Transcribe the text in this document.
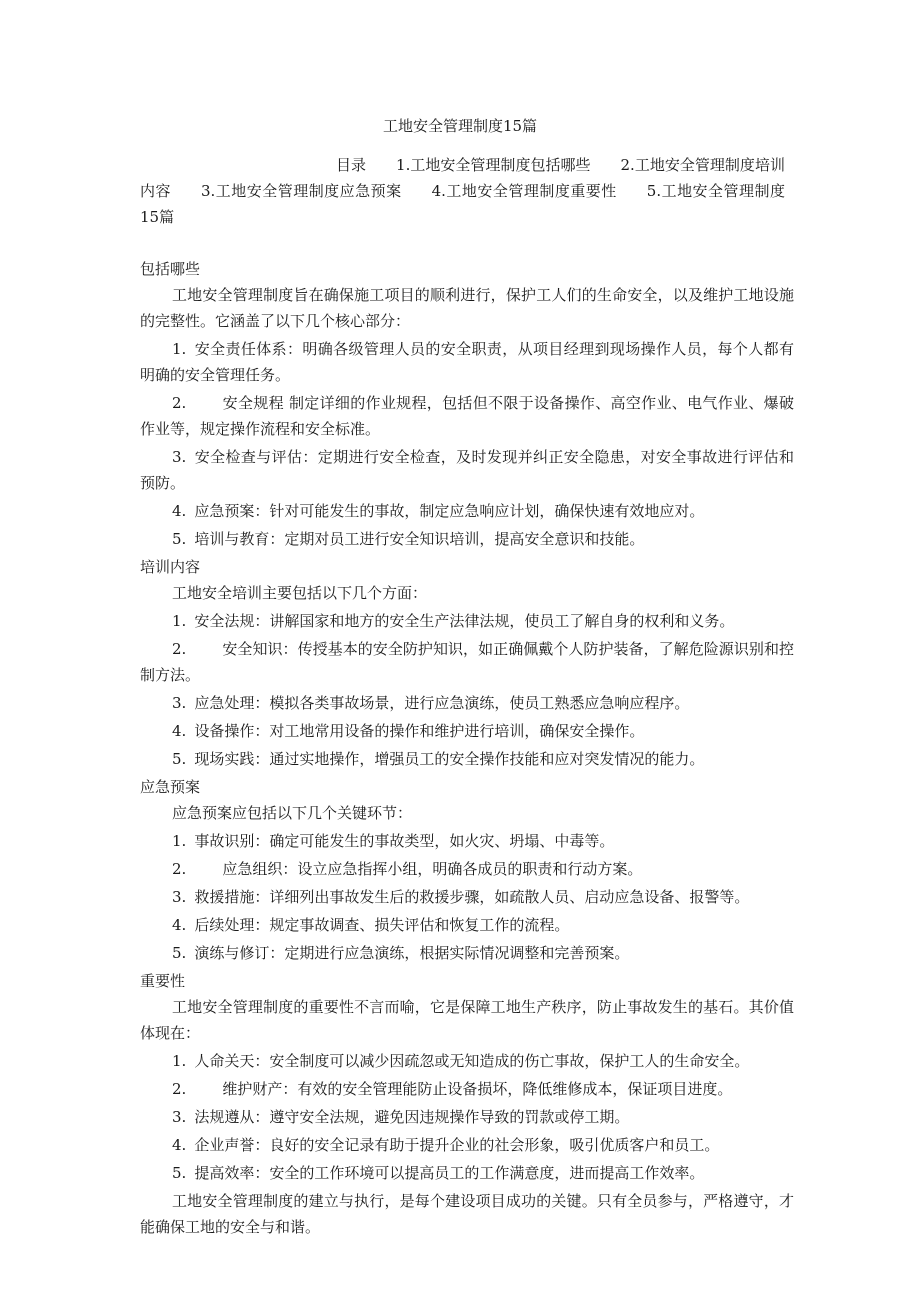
工地安全管理制度15篇
目录 1.工地安全管理制度包括哪些 2.工地安全管理制度培训内容 3.工地安全管理制度应急预案 4.工地安全管理制度重要性 5.工地安全管理制度15篇

包括哪些

工地安全管理制度旨在确保施工项目的顺利进行，保护工人们的生命安全，以及维护工地设施的完整性。它涵盖了以下几个核心部分：

1. 安全责任体系：明确各级管理人员的安全职责，从项目经理到现场操作人员，每个人都有明确的安全管理任务。

2. 安全规程 制定详细的作业规程，包括但不限于设备操作、高空作业、电气作业、爆破作业等，规定操作流程和安全标准。

3. 安全检查与评估：定期进行安全检查，及时发现并纠正安全隐患，对安全事故进行评估和预防。

4. 应急预案：针对可能发生的事故，制定应急响应计划，确保快速有效地应对。

5. 培训与教育：定期对员工进行安全知识培训，提高安全意识和技能。

培训内容

工地安全培训主要包括以下几个方面：

1. 安全法规：讲解国家和地方的安全生产法律法规，使员工了解自身的权利和义务。

2. 安全知识：传授基本的安全防护知识，如正确佩戴个人防护装备，了解危险源识别和控制方法。

3. 应急处理：模拟各类事故场景，进行应急演练，使员工熟悉应急响应程序。

4. 设备操作：对工地常用设备的操作和维护进行培训，确保安全操作。

5. 现场实践：通过实地操作，增强员工的安全操作技能和应对突发情况的能力。

应急预案

应急预案应包括以下几个关键环节：

1. 事故识别：确定可能发生的事故类型，如火灾、坍塌、中毒等。

2. 应急组织：设立应急指挥小组，明确各成员的职责和行动方案。

3. 救援措施：详细列出事故发生后的救援步骤，如疏散人员、启动应急设备、报警等。

4. 后续处理：规定事故调查、损失评估和恢复工作的流程。

5. 演练与修订：定期进行应急演练，根据实际情况调整和完善预案。

重要性

工地安全管理制度的重要性不言而喻，它是保障工地生产秩序，防止事故发生的基石。其价值体现在：

1. 人命关天：安全制度可以减少因疏忽或无知造成的伤亡事故，保护工人的生命安全。

2. 维护财产：有效的安全管理能防止设备损坏，降低维修成本，保证项目进度。

3. 法规遵从：遵守安全法规，避免因违规操作导致的罚款或停工期。

4. 企业声誉：良好的安全记录有助于提升企业的社会形象，吸引优质客户和员工。

5. 提高效率：安全的工作环境可以提高员工的工作满意度，进而提高工作效率。

工地安全管理制度的建立与执行，是每个建设项目成功的关键。只有全员参与，严格遵守，才能确保工地的安全与和谐。
